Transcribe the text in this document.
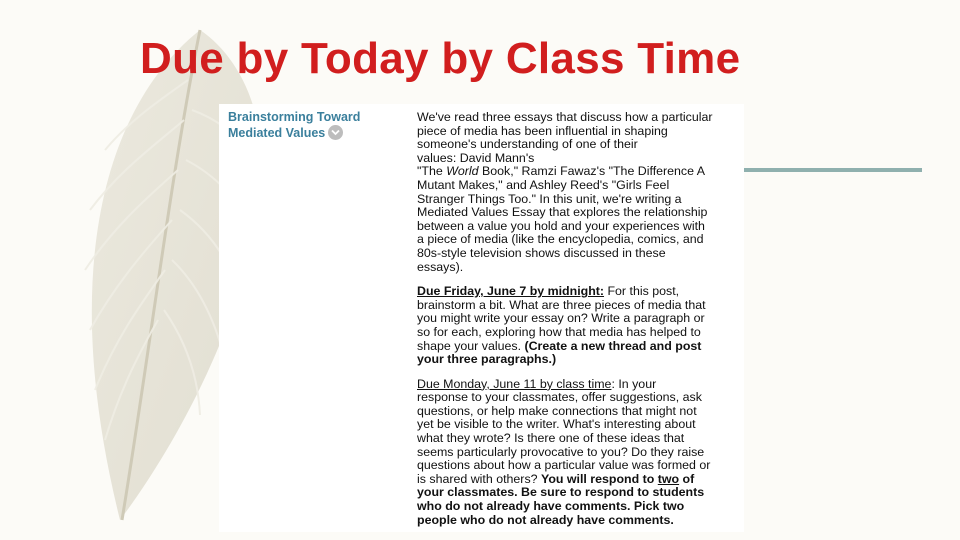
Due by Today by Class Time
Brainstorming Toward
Mediated Values

We've read three essays that discuss how a particular
piece of media has been influential in shaping
someone's understanding of one of their
values: David Mann's
"The World Book," Ramzi Fawaz's "The Difference A
Mutant Makes," and Ashley Reed's "Girls Feel
Stranger Things Too." In this unit, we're writing a
Mediated Values Essay that explores the relationship
between a value you hold and your experiences with
a piece of media (like the encyclopedia, comics, and
80s-style television shows discussed in these
essays).

Due Friday, June 7 by midnight: For this post,
brainstorm a bit. What are three pieces of media that
you might write your essay on? Write a paragraph or
so for each, exploring how that media has helped to
shape your values. (Create a new thread and post
your three paragraphs.)

Due Monday, June 11 by class time: In your
response to your classmates, offer suggestions, ask
questions, or help make connections that might not
yet be visible to the writer. What's interesting about
what they wrote? Is there one of these ideas that
seems particularly provocative to you? Do they raise
questions about how a particular value was formed or
is shared with others? You will respond to two of
your classmates. Be sure to respond to students
who do not already have comments. Pick two
people who do not already have comments.
